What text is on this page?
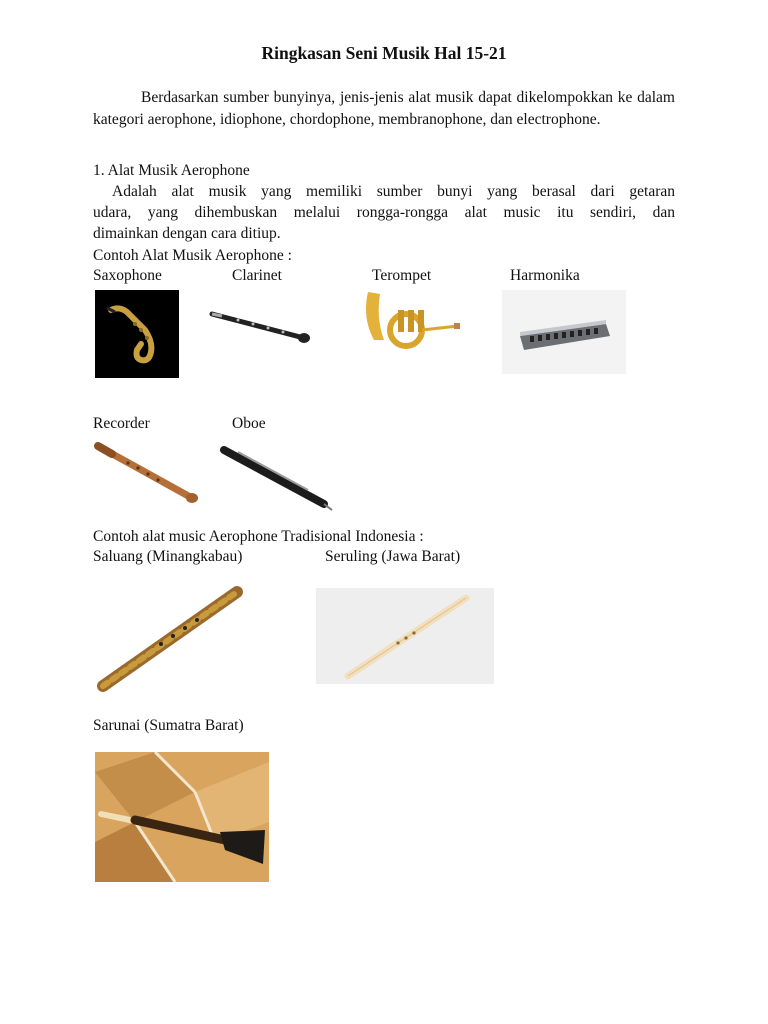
Ringkasan Seni Musik Hal 15-21
Berdasarkan sumber bunyinya, jenis-jenis alat musik dapat dikelompokkan ke dalam kategori aerophone, idiophone, chordophone, membranophone, dan electrophone.
1. Alat Musik Aerophone
Adalah alat musik yang memiliki sumber bunyi yang berasal dari getaran
udara, yang dihembuskan melalui rongga-rongga alat music itu sendiri, dan
dimainkan dengan cara ditiup.
Contoh Alat Musik Aerophone :
Saxophone	Clarinet	Terompet	Harmonika
Recorder	Oboe
Contoh alat music Aerophone Tradisional Indonesia :
Saluang (Minangkabau)	Seruling (Jawa Barat)
Sarunai (Sumatra Barat)
